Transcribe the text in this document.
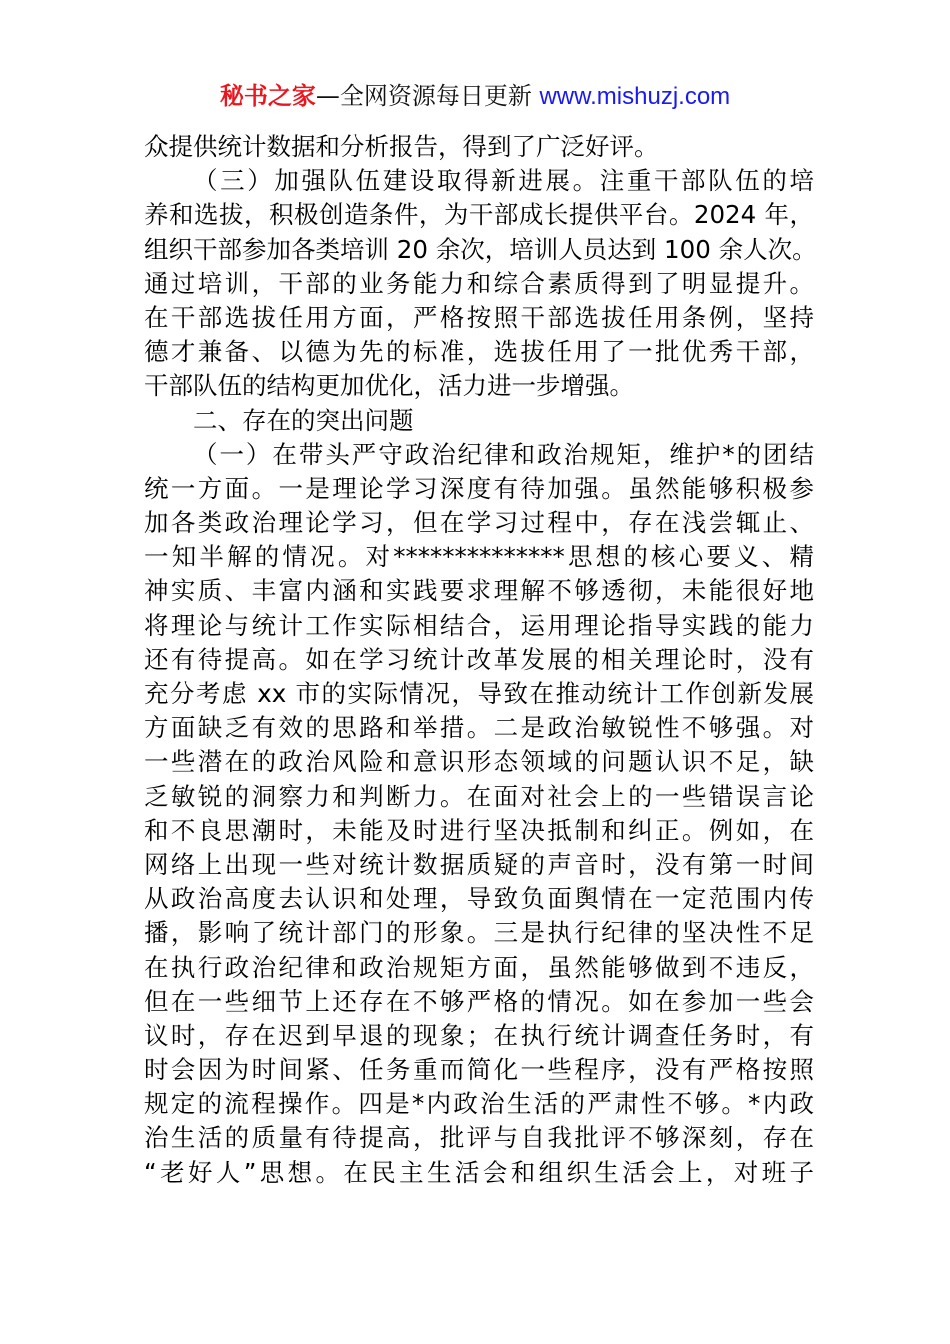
秘书之家—全网资源每日更新 www.mishuzj.com
众提供统计数据和分析报告，得到了广泛好评。
（三）加强队伍建设取得新进展。注重干部队伍的培
养和选拔，积极创造条件，为干部成长提供平台。2024 年，
组织干部参加各类培训 20 余次，培训人员达到 100 余人次。
通过培训，干部的业务能力和综合素质得到了明显提升。
在干部选拔任用方面，严格按照干部选拔任用条例，坚持
德才兼备、以德为先的标准，选拔任用了一批优秀干部，
干部队伍的结构更加优化，活力进一步增强。
二、存在的突出问题
（一）在带头严守政治纪律和政治规矩，维护*的团结
统一方面。一是理论学习深度有待加强。虽然能够积极参
加各类政治理论学习，但在学习过程中，存在浅尝辄止、
一知半解的情况。对**************思想的核心要义、精
神实质、丰富内涵和实践要求理解不够透彻，未能很好地
将理论与统计工作实际相结合，运用理论指导实践的能力
还有待提高。如在学习统计改革发展的相关理论时，没有
充分考虑 xx 市的实际情况，导致在推动统计工作创新发展
方面缺乏有效的思路和举措。二是政治敏锐性不够强。对
一些潜在的政治风险和意识形态领域的问题认识不足，缺
乏敏锐的洞察力和判断力。在面对社会上的一些错误言论
和不良思潮时，未能及时进行坚决抵制和纠正。例如，在
网络上出现一些对统计数据质疑的声音时，没有第一时间
从政治高度去认识和处理，导致负面舆情在一定范围内传
播，影响了统计部门的形象。三是执行纪律的坚决性不足
在执行政治纪律和政治规矩方面，虽然能够做到不违反，
但在一些细节上还存在不够严格的情况。如在参加一些会
议时，存在迟到早退的现象；在执行统计调查任务时，有
时会因为时间紧、任务重而简化一些程序，没有严格按照
规定的流程操作。四是*内政治生活的严肃性不够。*内政
治生活的质量有待提高，批评与自我批评不够深刻，存在
“老好人”思想。在民主生活会和组织生活会上，对班子
